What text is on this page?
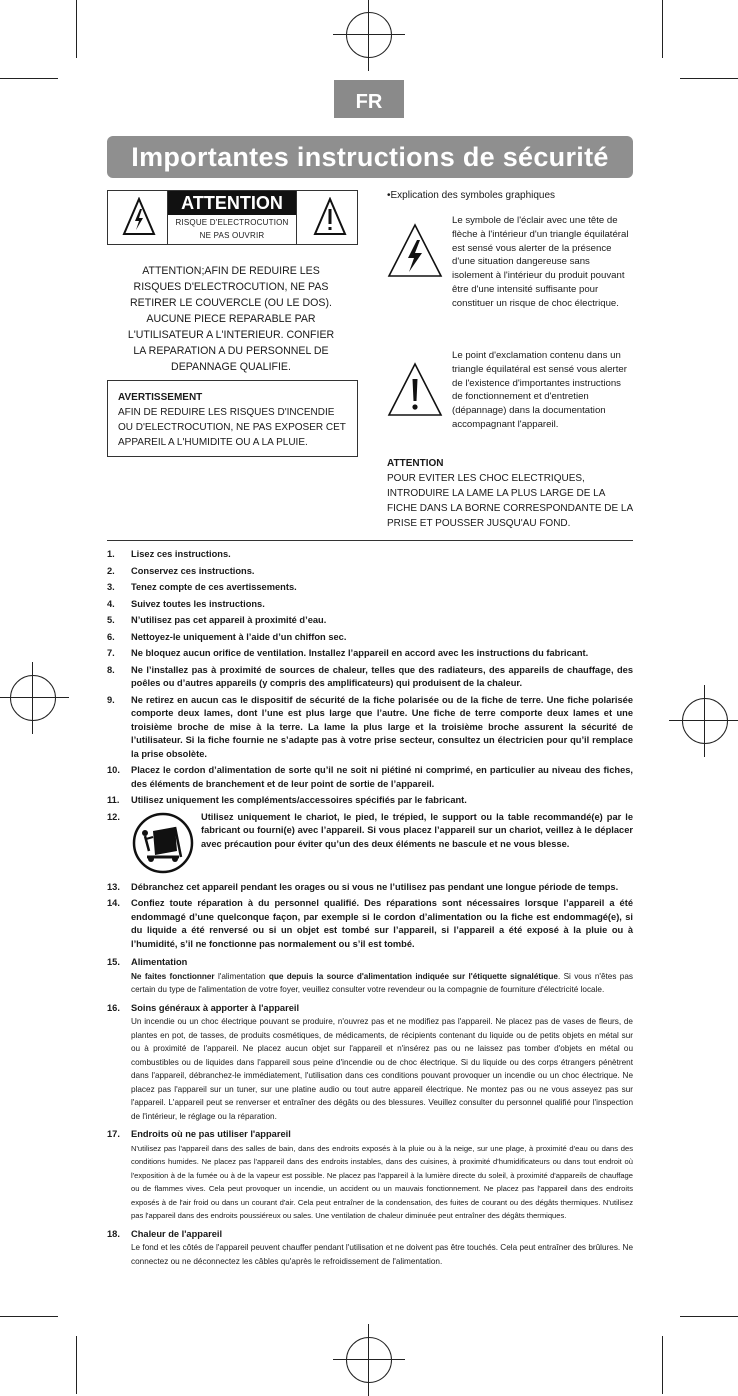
FR
Importantes instructions de sécurité
ATTENTION
RISQUE D'ELECTROCUTION
NE PAS OUVRIR
ATTENTION;AFIN DE REDUIRE LES RISQUES D'ELECTROCUTION, NE PAS RETIRER LE COUVERCLE (OU LE DOS). AUCUNE PIECE REPARABLE PAR L'UTILISATEUR A L'INTERIEUR. CONFIER LA REPARATION A DU PERSONNEL DE DEPANNAGE QUALIFIE.
AVERTISSEMENT
AFIN DE REDUIRE LES RISQUES D'INCENDIE OU D'ELECTROCUTION, NE PAS EXPOSER CET APPAREIL A L'HUMIDITE OU A LA PLUIE.
•Explication des symboles graphiques
Le symbole de l'éclair avec une tête de flèche à l'intérieur d'un triangle équilatéral est sensé vous alerter de la présence d'une situation dangereuse sans isolement à l'intérieur du produit pouvant être d'une intensité suffisante pour constituer un risque de choc électrique.
Le point d'exclamation contenu dans un triangle équilatéral est sensé vous alerter de l'existence d'importantes instructions de fonctionnement et d'entretien (dépannage) dans la documentation accompagnant l'appareil.
ATTENTION
POUR EVITER LES CHOC ELECTRIQUES, INTRODUIRE LA LAME LA PLUS LARGE DE LA FICHE DANS LA BORNE CORRESPONDANTE DE LA PRISE ET POUSSER JUSQU'AU FOND.
1.	Lisez ces instructions.
2.	Conservez ces instructions.
3.	Tenez compte de ces avertissements.
4.	Suivez toutes les instructions.
5.	N’utilisez pas cet appareil à proximité d’eau.
6.	Nettoyez-le uniquement à l’aide d’un chiffon sec.
7.	Ne bloquez aucun orifice de ventilation. Installez l’appareil en accord avec les instructions du fabricant.
8.	Ne l’installez pas à proximité de sources de chaleur, telles que des radiateurs, des appareils de chauffage, des poêles ou d’autres appareils (y compris des amplificateurs) qui produisent de la chaleur.
9.	Ne retirez en aucun cas le dispositif de sécurité de la fiche polarisée ou de la fiche de terre. Une fiche polarisée comporte deux lames, dont l’une est plus large que l’autre. Une fiche de terre comporte deux lames et une troisième broche de mise à la terre. La lame la plus large et la troisième broche assurent la sécurité de l’utilisateur. Si la fiche fournie ne s’adapte pas à votre prise secteur, consultez un électricien pour qu’il remplace la prise obsolète.
10.	Placez le cordon d’alimentation de sorte qu’il ne soit ni piétiné ni comprimé, en particulier au niveau des fiches, des éléments de branchement et de leur point de sortie de l’appareil.
11.	Utilisez uniquement les compléments/accessoires spécifiés par le fabricant.
12.	Utilisez uniquement le chariot, le pied, le trépied, le support ou la table recommandé(e) par le fabricant ou fourni(e) avec l’appareil. Si vous placez l’appareil sur un chariot, veillez à le déplacer avec précaution pour éviter qu’un des deux éléments ne bascule et ne vous blesse.
13.	Débranchez cet appareil pendant les orages ou si vous ne l’utilisez pas pendant une longue période de temps.
14.	Confiez toute réparation à du personnel qualifié. Des réparations sont nécessaires lorsque l’appareil a été endommagé d’une quelconque façon, par exemple si le cordon d’alimentation ou la fiche est endommagé(e), si du liquide a été renversé ou si un objet est tombé sur l’appareil, si l’appareil a été exposé à la pluie ou à l’humidité, s’il ne fonctionne pas normalement ou s’il est tombé.
15.	Alimentation
Ne faites fonctionner l'alimentation que depuis la source d'alimentation indiquée sur l'étiquette signalétique. Si vous n'êtes pas certain du type de l'alimentation de votre foyer, veuillez consulter votre revendeur ou la compagnie de fourniture d'électricité locale.
16.	Soins généraux à apporter à l'appareil
Un incendie ou un choc électrique pouvant se produire, n'ouvrez pas et ne modifiez pas l'appareil. Ne placez pas de vases de fleurs, de plantes en pot, de tasses, de produits cosmétiques, de médicaments, de récipients contenant du liquide ou de petits objets en métal sur ou à proximité de l'appareil. Ne placez aucun objet sur l'appareil et n'insérez pas ou ne laissez pas tomber d'objets en métal ou combustibles ou de liquides dans l'appareil sous peine d'incendie ou de choc électrique. Si du liquide ou des corps étrangers pénètrent dans l'appareil, débranchez-le immédiatement, l'utilisation dans ces conditions pouvant provoquer un incendie ou un choc électrique. Ne placez pas l'appareil sur un tuner, sur une platine audio ou tout autre appareil électrique. Ne montez pas ou ne vous asseyez pas sur l'appareil. L'appareil peut se renverser et entraîner des dégâts ou des blessures. Veuillez consulter du personnel qualifié pour l'inspection de l'intérieur, le réglage ou la réparation.
17.	Endroits où ne pas utiliser l'appareil
N'utilisez pas l'appareil dans des salles de bain, dans des endroits exposés à la pluie ou à la neige, sur une plage, à proximité d'eau ou dans des conditions humides. Ne placez pas l'appareil dans des endroits instables, dans des cuisines, à proximité d'humidificateurs ou dans tout endroit où l'exposition à de la fumée ou à de la vapeur est possible. Ne placez pas l'appareil à la lumière directe du soleil, à proximité d'appareils de chauffage ou de flammes vives. Cela peut provoquer un incendie, un accident ou un mauvais fonctionnement. Ne placez pas l'appareil dans des endroits exposés à de l'air froid ou dans un courant d'air. Cela peut entraîner de la condensation, des fuites de courant ou des dégâts thermiques. N'utilisez pas l'appareil dans des endroits poussiéreux ou sales. Une ventilation de chaleur diminuée peut entraîner des dégâts thermiques.
18.	Chaleur de l'appareil
Le fond et les côtés de l'appareil peuvent chauffer pendant l'utilisation et ne doivent pas être touchés. Cela peut entraîner des brûlures. Ne connectez ou ne déconnectez les câbles qu'après le refroidissement de l'alimentation.
